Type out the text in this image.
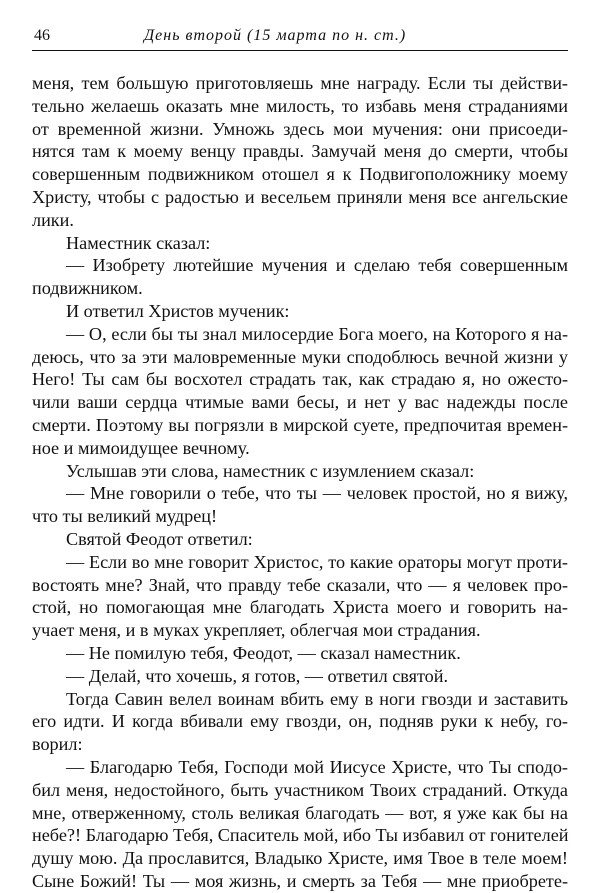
46	День второй (15 марта по н. ст.)
меня, тем большую приготовляешь мне награду. Если ты действи-
тельно желаешь оказать мне милость, то избавь меня страданиями
от временной жизни. Умножь здесь мои мучения: они присоеди-
нятся там к моему венцу правды. Замучай меня до смерти, чтобы
совершенным подвижником отошел я к Подвигоположнику моему
Христу, чтобы с радостью и весельем приняли меня все ангельские
лики.
Наместник сказал:
— Изобрету лютейшие мучения и сделаю тебя совершенным
подвижником.
И ответил Христов мученик:
— О, если бы ты знал милосердие Бога моего, на Которого я на-
деюсь, что за эти маловременные муки сподоблюсь вечной жизни у
Него! Ты сам бы восхотел страдать так, как страдаю я, но ожесто-
чили ваши сердца чтимые вами бесы, и нет у вас надежды после
смерти. Поэтому вы погрязли в мирской суете, предпочитая времен-
ное и мимоидущее вечному.
Услышав эти слова, наместник с изумлением сказал:
— Мне говорили о тебе, что ты — человек простой, но я вижу,
что ты великий мудрец!
Святой Феодот ответил:
— Если во мне говорит Христос, то какие ораторы могут проти-
востоять мне? Знай, что правду тебе сказали, что — я человек про-
стой, но помогающая мне благодать Христа моего и говорить на-
учает меня, и в муках укрепляет, облегчая мои страдания.
— Не помилую тебя, Феодот, — сказал наместник.
— Делай, что хочешь, я готов, — ответил святой.
Тогда Савин велел воинам вбить ему в ноги гвозди и заставить
его идти. И когда вбивали ему гвозди, он, подняв руки к небу, го-
ворил:
— Благодарю Тебя, Господи мой Иисусе Христе, что Ты сподо-
бил меня, недостойного, быть участником Твоих страданий. Откуда
мне, отверженному, столь великая благодать — вот, я уже как бы на
небе?! Благодарю Тебя, Спаситель мой, ибо Ты избавил от гонителей
душу мою. Да прославится, Владыко Христе, имя Твое в теле моем!
Сыне Божий! Ты — моя жизнь, и смерть за Тебя — мне приобрете-
